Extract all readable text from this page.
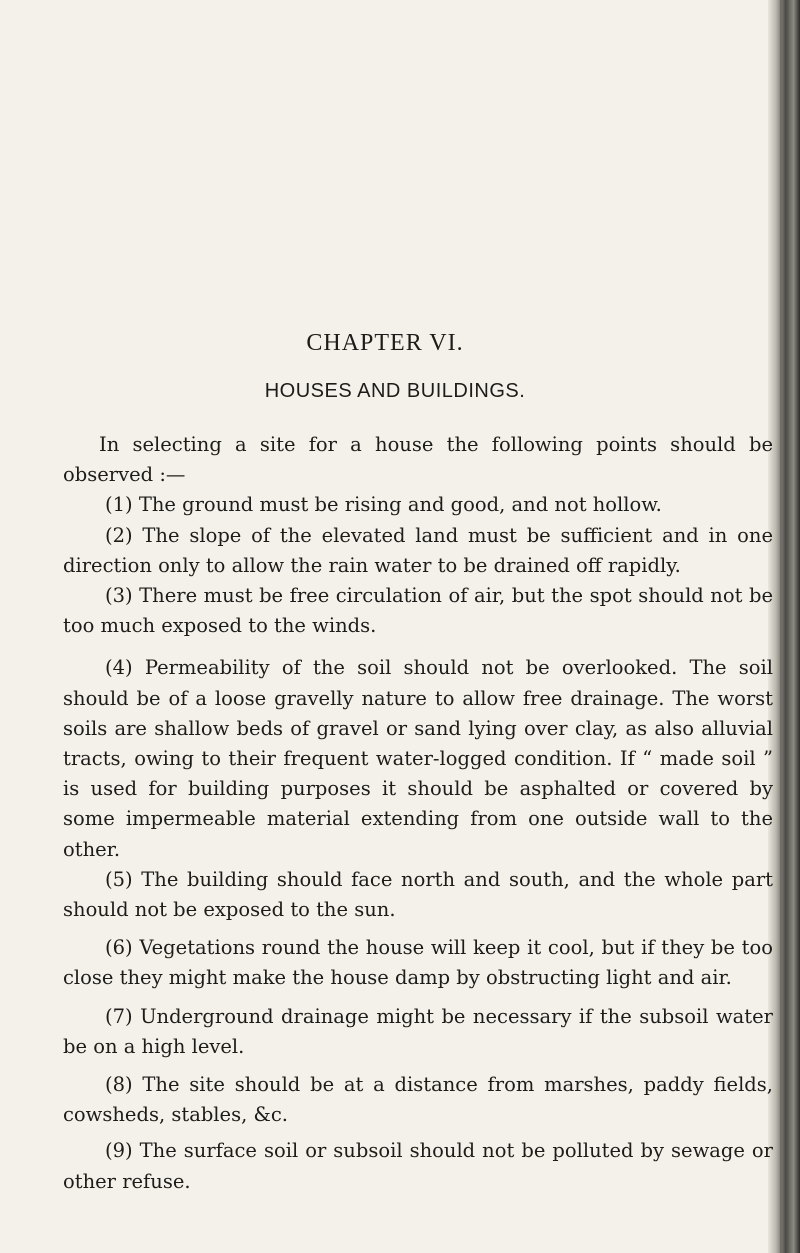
CHAPTER VI.
HOUSES AND BUILDINGS.

In selecting a site for a house the following points should be observed :—

(1) The ground must be rising and good, and not hollow.

(2) The slope of the elevated land must be sufficient and in one direction only to allow the rain water to be drained off rapidly.

(3) There must be free circulation of air, but the spot should not be too much exposed to the winds.

(4) Permeability of the soil should not be overlooked. The soil should be of a loose gravelly nature to allow free drainage. The worst soils are shallow beds of gravel or sand lying over clay, as also alluvial tracts, owing to their frequent water-logged condition. If “ made soil ” is used for building purposes it should be asphalted or covered by some impermeable material extending from one outside wall to the other.

(5) The building should face north and south, and the whole part should not be exposed to the sun.

(6) Vegetations round the house will keep it cool, but if they be too close they might make the house damp by obstructing light and air.

(7) Underground drainage might be necessary if the subsoil water be on a high level.

(8) The site should be at a distance from marshes, paddy fields, cowsheds, stables, &c.

(9) The surface soil or subsoil should not be polluted by sewage or other refuse.
